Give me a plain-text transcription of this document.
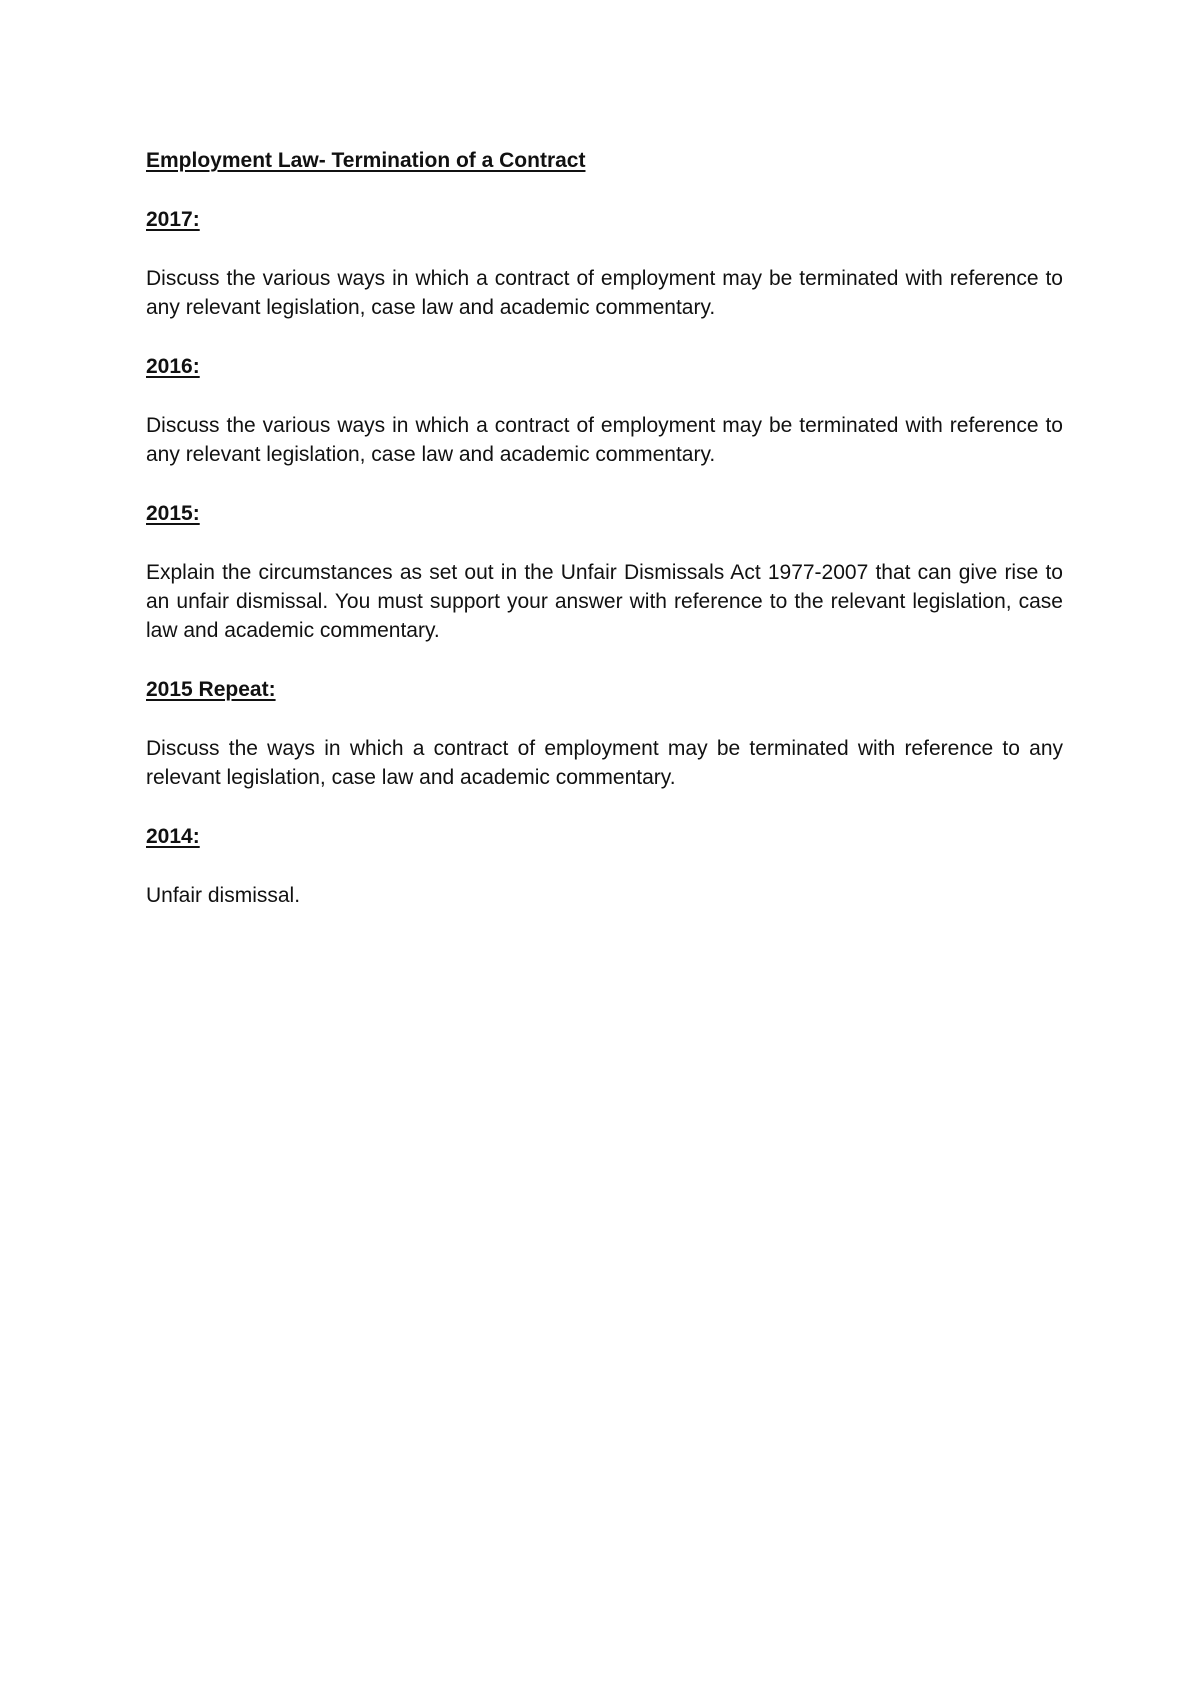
Employment Law- Termination of a Contract
2017:

Discuss the various ways in which a contract of employment may be terminated with reference to any relevant legislation, case law and academic commentary.

2016:

Discuss the various ways in which a contract of employment may be terminated with reference to any relevant legislation, case law and academic commentary.

2015:

Explain the circumstances as set out in the Unfair Dismissals Act 1977-2007 that can give rise to an unfair dismissal. You must support your answer with reference to the relevant legislation, case law and academic commentary.

2015 Repeat:

Discuss the ways in which a contract of employment may be terminated with reference to any relevant legislation, case law and academic commentary.

2014:

Unfair dismissal.
